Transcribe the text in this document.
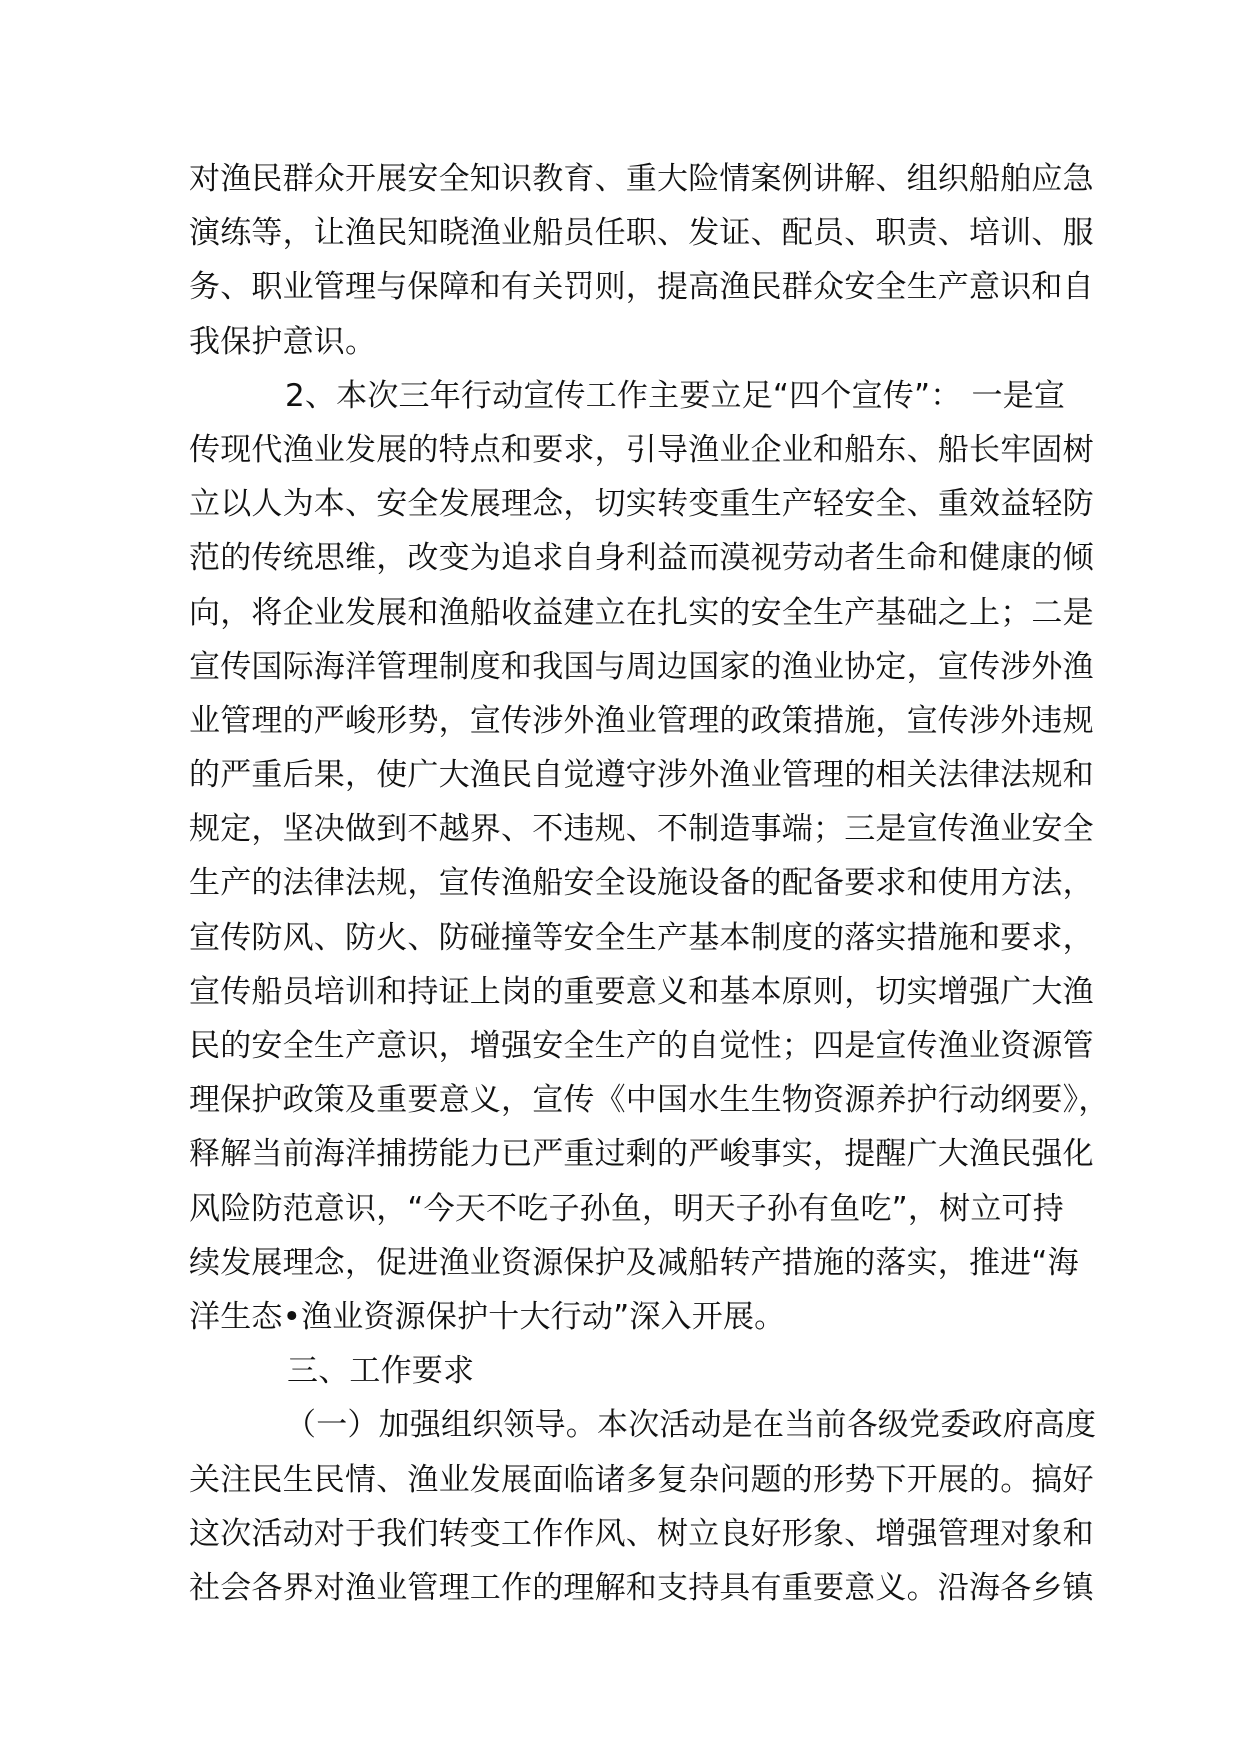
对渔民群众开展安全知识教育、重大险情案例讲解、组织船舶应急
演练等，让渔民知晓渔业船员任职、发证、配员、职责、培训、服
务、职业管理与保障和有关罚则，提高渔民群众安全生产意识和自
我保护意识。
2、本次三年行动宣传工作主要立足“四个宣传”： 一是宣
传现代渔业发展的特点和要求，引导渔业企业和船东、船长牢固树
立以人为本、安全发展理念，切实转变重生产轻安全、重效益轻防
范的传统思维，改变为追求自身利益而漠视劳动者生命和健康的倾
向，将企业发展和渔船收益建立在扎实的安全生产基础之上；二是
宣传国际海洋管理制度和我国与周边国家的渔业协定，宣传涉外渔
业管理的严峻形势，宣传涉外渔业管理的政策措施，宣传涉外违规
的严重后果，使广大渔民自觉遵守涉外渔业管理的相关法律法规和
规定，坚决做到不越界、不违规、不制造事端；三是宣传渔业安全
生产的法律法规，宣传渔船安全设施设备的配备要求和使用方法，
宣传防风、防火、防碰撞等安全生产基本制度的落实措施和要求，
宣传船员培训和持证上岗的重要意义和基本原则，切实增强广大渔
民的安全生产意识，增强安全生产的自觉性；四是宣传渔业资源管
理保护政策及重要意义，宣传《中国水生生物资源养护行动纲要》，
释解当前海洋捕捞能力已严重过剩的严峻事实，提醒广大渔民强化
风险防范意识，“今天不吃子孙鱼，明天子孙有鱼吃”，树立可持
续发展理念，促进渔业资源保护及减船转产措施的落实，推进“海
洋生态•渔业资源保护十大行动”深入开展。
三、工作要求
（一）加强组织领导。本次活动是在当前各级党委政府高度
关注民生民情、渔业发展面临诸多复杂问题的形势下开展的。搞好
这次活动对于我们转变工作作风、树立良好形象、增强管理对象和
社会各界对渔业管理工作的理解和支持具有重要意义。沿海各乡镇
